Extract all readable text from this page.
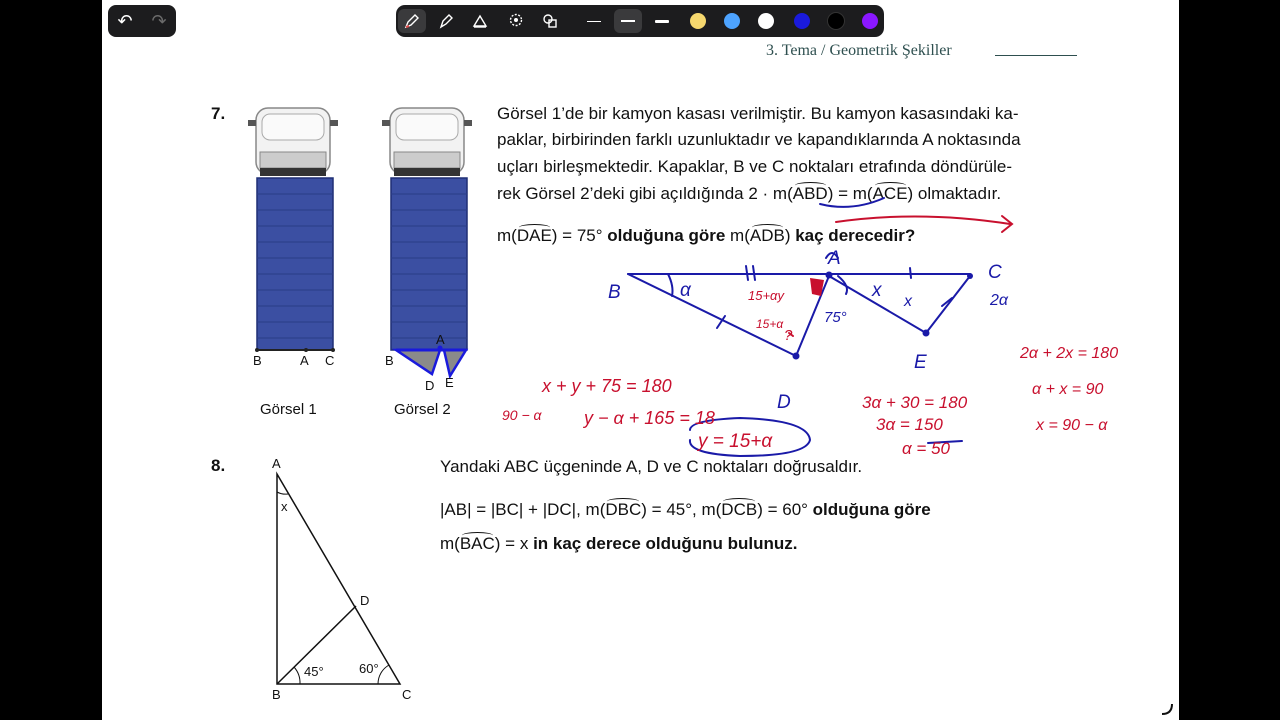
↶ ↷
3. Tema / Geometrik Şekiller
7.
B	A C
Görsel 1
B
A
D E
Görsel 2
Görsel 1’de bir kamyon kasası verilmiştir. Bu kamyon kasasındaki ka-
paklar, birbirinden farklı uzunluktadır ve kapandıklarında A noktasında
uçları birleşmektedir. Kapaklar, B ve C noktaları etrafında döndürüle-
rek Görsel 2’deki gibi açıldığında 2 · m(ABD) = m(ACE) olmaktadır.
m(DAE) = 75° olduğuna göre m(ADB) kaç derecedir?
8.	A
B	C
D
x
45°	60°
Yandaki ABC üçgeninde A, D ve C noktaları doğrusaldır.
|AB| = |BC| + |DC|, m(DBC) = 45°, m(DCB) = 60° olduğuna göre
m(BAC) = x in kaç derece olduğunu bulunuz.
B
A
C
D
E
α	2α
x
x
75°
15+αy
15+α
?
x + y + 75 = 180
90 − α y − α + 165 = 18
y = 15+α
3α + 30 = 180
3α = 150
α = 50
2α + 2x = 180
α + x = 90
x = 90 − α
